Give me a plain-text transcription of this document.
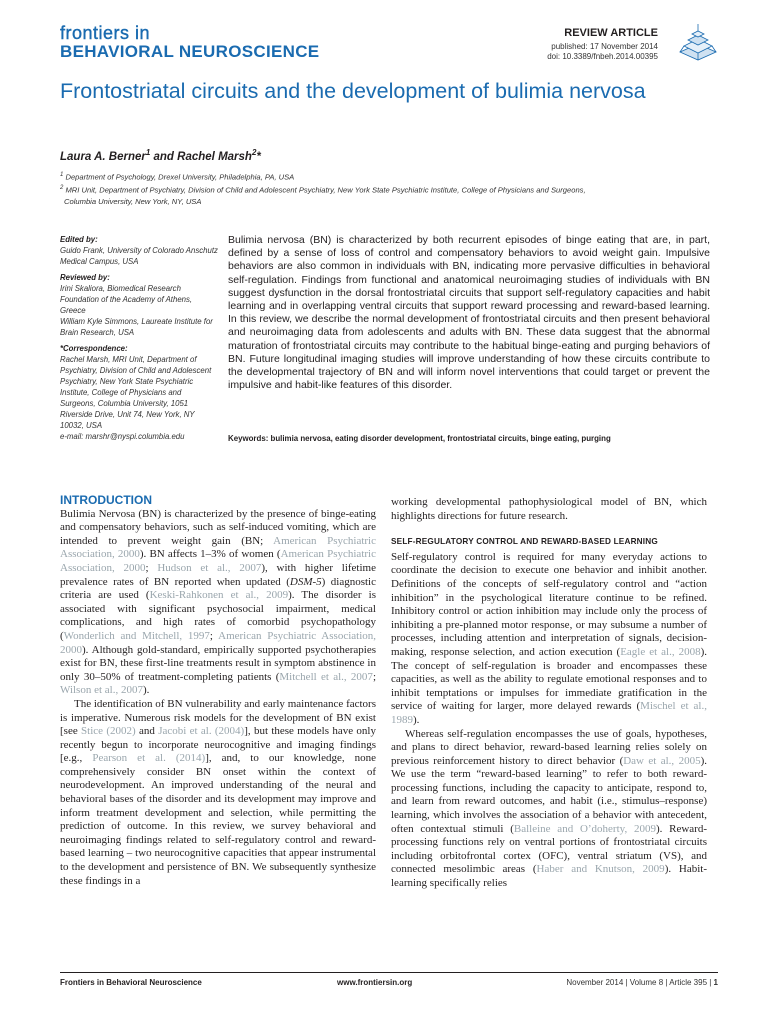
frontiers in
BEHAVIORAL NEUROSCIENCE
REVIEW ARTICLE
published: 17 November 2014
doi: 10.3389/fnbeh.2014.00395
Frontostriatal circuits and the development of bulimia nervosa
Laura A. Berner$^1$ and Rachel Marsh$^2$*
$^1$ Department of Psychology, Drexel University, Philadelphia, PA, USA
$^2$ MRI Unit, Department of Psychiatry, Division of Child and Adolescent Psychiatry, New York State Psychiatric Institute, College of Physicians and Surgeons,
Columbia University, New York, NY, USA
Edited by:
Guido Frank, University of Colorado Anschutz Medical Campus, USA
Reviewed by:
Irini Skaliora, Biomedical Research Foundation of the Academy of Athens, Greece
William Kyle Simmons, Laureate Institute for Brain Research, USA
*Correspondence:
Rachel Marsh, MRI Unit, Department of Psychiatry, Division of Child and Adolescent Psychiatry, New York State Psychiatric Institute, College of Physicians and Surgeons, Columbia University, 1051 Riverside Drive, Unit 74, New York, NY 10032, USA
e-mail: marshr@nyspi.columbia.edu
Bulimia nervosa (BN) is characterized by both recurrent episodes of binge eating that are, in part, defined by a sense of loss of control and compensatory behaviors to avoid weight gain. Impulsive behaviors are also common in individuals with BN, indicating more pervasive difficulties in behavioral self-regulation. Findings from functional and anatomical neuroimaging studies of individuals with BN suggest dysfunction in the dorsal frontostriatal circuits that support self-regulatory capacities and habit learning and in overlapping ventral circuits that support reward processing and reward-based learning. In this review, we describe the normal development of frontostriatal circuits and then present behavioral and neuroimaging data from adolescents and adults with BN. These data suggest that the abnormal maturation of frontostriatal circuits may contribute to the habitual binge-eating and purging behaviors of BN. Future longitudinal imaging studies will improve understanding of how these circuits contribute to the developmental trajectory of BN and will inform novel interventions that could target or prevent the impulsive and habit-like features of this disorder.
Keywords: bulimia nervosa, eating disorder development, frontostriatal circuits, binge eating, purging
INTRODUCTION

Bulimia Nervosa (BN) is characterized by the presence of binge-eating and compensatory behaviors, such as self-induced vomiting, which are intended to prevent weight gain (BN; American Psychiatric Association, 2000). BN affects 1–3% of women (American Psychiatric Association, 2000; Hudson et al., 2007), with higher lifetime prevalence rates of BN reported when updated (DSM-5) diagnostic criteria are used (Keski-Rahkonen et al., 2009). The disorder is associated with significant psychosocial impairment, medical complications, and high rates of comorbid psychopathology (Wonderlich and Mitchell, 1997; American Psychiatric Association, 2000). Although gold-standard, empirically supported psychotherapies exist for BN, these first-line treatments result in symptom abstinence in only 30–50% of treatment-completing patients (Mitchell et al., 2007; Wilson et al., 2007).

The identification of BN vulnerability and early maintenance factors is imperative. Numerous risk models for the development of BN exist [see Stice (2002) and Jacobi et al. (2004)], but these models have only recently begun to incorporate neurocognitive and imaging findings [e.g., Pearson et al. (2014)], and, to our knowledge, none comprehensively consider BN onset within the context of neurodevelopment. An improved understanding of the neural and behavioral bases of the disorder and its development may improve and inform treatment development and selection, while permitting the prediction of outcome. In this review, we survey behavioral and neuroimaging findings related to self-regulatory control and reward-based learning – two neurocognitive capacities that appear instrumental to the development and persistence of BN. We subsequently synthesize these findings in a

working developmental pathophysiological model of BN, which highlights directions for future research.

SELF-REGULATORY CONTROL AND REWARD-BASED LEARNING

Self-regulatory control is required for many everyday actions to coordinate the decision to execute one behavior and inhibit another. Definitions of the concepts of self-regulatory control and “action inhibition” in the psychological literature continue to be refined. Inhibitory control or action inhibition may include only the process of inhibiting a pre-planned motor response, or may subsume a number of processes, including attention and interpretation of signals, decision-making, response selection, and action execution (Eagle et al., 2008). The concept of self-regulation is broader and encompasses these capacities, as well as the ability to regulate emotional responses and to inhibit temptations or impulses for immediate gratification in the service of waiting for larger, more delayed rewards (Mischel et al., 1989).

Whereas self-regulation encompasses the use of goals, hypotheses, and plans to direct behavior, reward-based learning relies solely on previous reinforcement history to direct behavior (Daw et al., 2005). We use the term “reward-based learning” to refer to both reward-processing functions, including the capacity to anticipate, respond to, and learn from reward outcomes, and habit (i.e., stimulus–response) learning, which involves the association of a behavior with antecedent, often contextual stimuli (Balleine and O’doherty, 2009). Reward-processing functions rely on ventral portions of frontostriatal circuits including orbitofrontal cortex (OFC), ventral striatum (VS), and connected mesolimbic areas (Haber and Knutson, 2009). Habit-learning specifically relies

Frontiers in Behavioral Neuroscience	www.frontiersin.org	November 2014 | Volume 8 | Article 395 | 1
